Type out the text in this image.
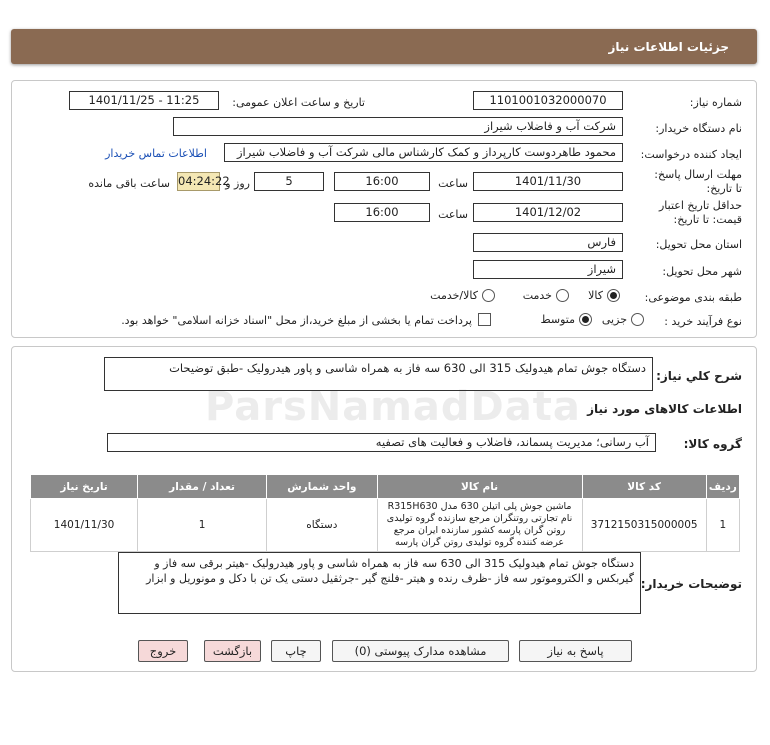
جزئیات اطلاعات نیاز
شماره نیاز:
1101001032000070
تاریخ و ساعت اعلان عمومی:
1401/11/25 - 11:25
نام دستگاه خریدار:
شرکت آب و فاضلاب شیراز
ایجاد کننده درخواست:
محمود طاهردوست کارپرداز و کمک کارشناس مالی شرکت آب و فاضلاب شیراز
اطلاعات تماس خریدار
مهلت ارسال پاسخ: تا تاریخ:
1401/11/30
ساعت
16:00
5
روز و
04:24:22
ساعت باقی مانده
حداقل تاریخ اعتبار قیمت: تا تاریخ:
1401/12/02
ساعت
16:00
استان محل تحویل:
فارس
شهر محل تحویل:
شیراز
طبقه بندی موضوعی:
کالا
خدمت
کالا/خدمت
نوع فرآیند خرید :
جزیی
متوسط
پرداخت تمام یا بخشی از مبلغ خرید،از محل "اسناد خزانه اسلامی" خواهد بود.
ParsNamadData
شرح كلي نياز:
دستگاه جوش تمام هیدولیک 315 الی 630 سه فاز به همراه شاسی و پاور هیدرولیک -طبق توضیحات
اطلاعات کالاهای مورد نیاز
گروه کالا:
آب رسانی؛ مدیریت پسماند، فاضلاب و فعالیت های تصفیه
ردیف	کد کالا	نام کالا	واحد شمارش	تعداد / مقدار	تاریخ نیاز
1	3712150315000005	ماشین جوش پلی اتیلن 630 مدل R315H630 نام تجارتی روتنگران مرجع سازنده گروه تولیدی روتن گران پارسه کشور سازنده ایران مرجع عرضه کننده گروه تولیدی روتن گران پارسه	دستگاه	1	1401/11/30
توضیحات خریدار:
دستگاه جوش تمام هیدولیک 315 الی 630 سه فاز به همراه شاسی و پاور هیدرولیک -هیتر برقی سه فاز و گیربکس و الکتروموتور سه فاز -ظرف رنده و هیتر -فلنج گیر -جرثقیل دستی یک تن با دکل و مونوریل و ابزار
پاسخ به نیاز
مشاهده مدارک پیوستی (0)
چاپ
بازگشت
خروج
